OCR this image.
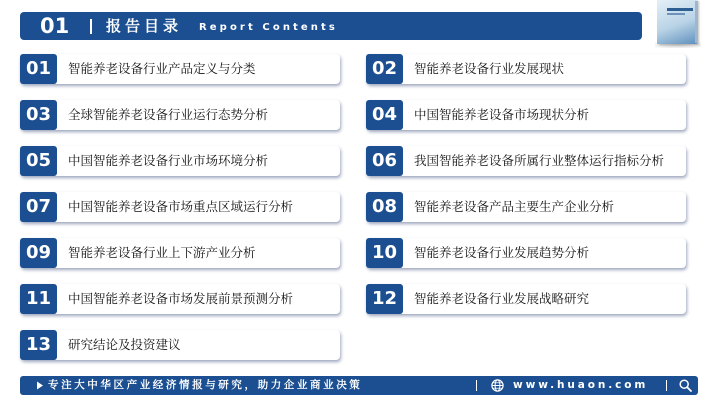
01 报告目录 Report Contents
01	智能养老设备行业产品定义与分类	02	智能养老设备行业发展现状
03	全球智能养老设备行业运行态势分析	04	中国智能养老设备市场现状分析
05	中国智能养老设备行业市场环境分析	06	我国智能养老设备所属行业整体运行指标分析
07	中国智能养老设备市场重点区域运行分析	08	智能养老设备产品主要生产企业分析
09	智能养老设备行业上下游产业分析	10	智能养老设备行业发展趋势分析
11	中国智能养老设备市场发展前景预测分析	12	智能养老设备行业发展战略研究
13	研究结论及投资建议
专注大中华区产业经济情报与研究，助力企业商业决策	www.huaon.com
